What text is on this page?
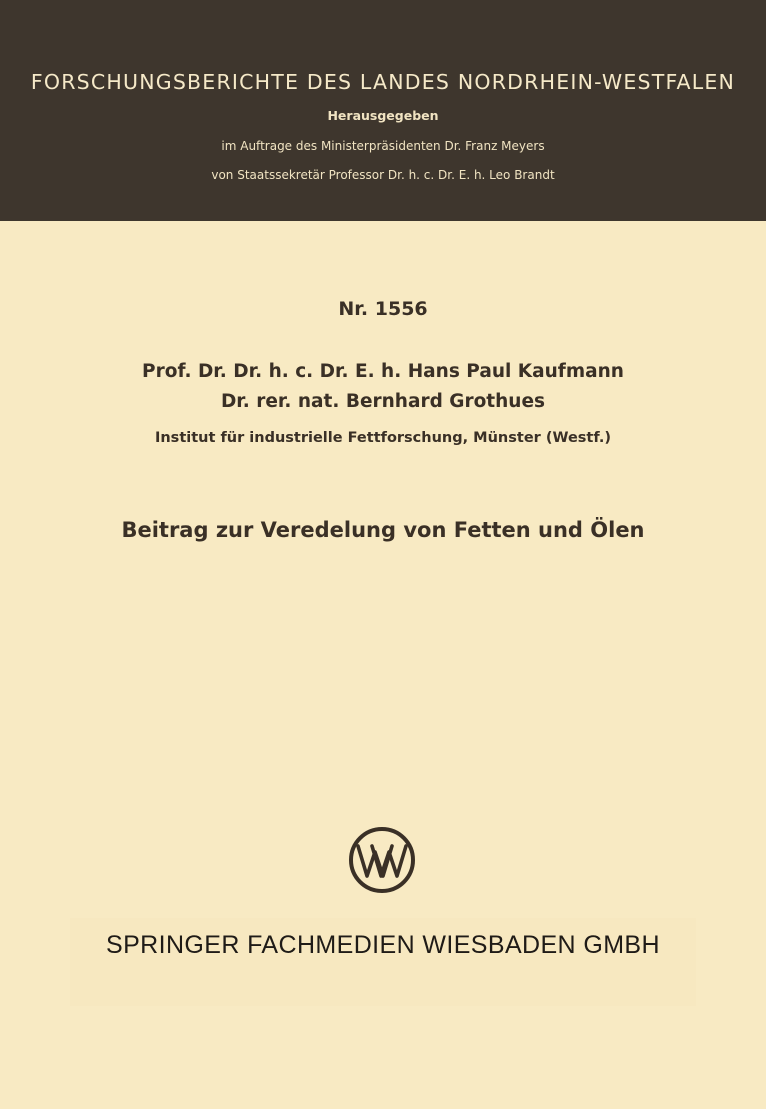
FORSCHUNGSBERICHTE DES LANDES NORDRHEIN-WESTFALEN
Herausgegeben
im Auftrage des Ministerpräsidenten Dr. Franz Meyers
von Staatssekretär Professor Dr. h. c. Dr. E. h. Leo Brandt
Nr. 1556
Prof. Dr. Dr. h. c. Dr. E. h. Hans Paul Kaufmann
Dr. rer. nat. Bernhard Grothues
Institut für industrielle Fettforschung, Münster (Westf.)
Beitrag zur Veredelung von Fetten und Ölen
SPRINGER FACHMEDIEN WIESBADEN GMBH
